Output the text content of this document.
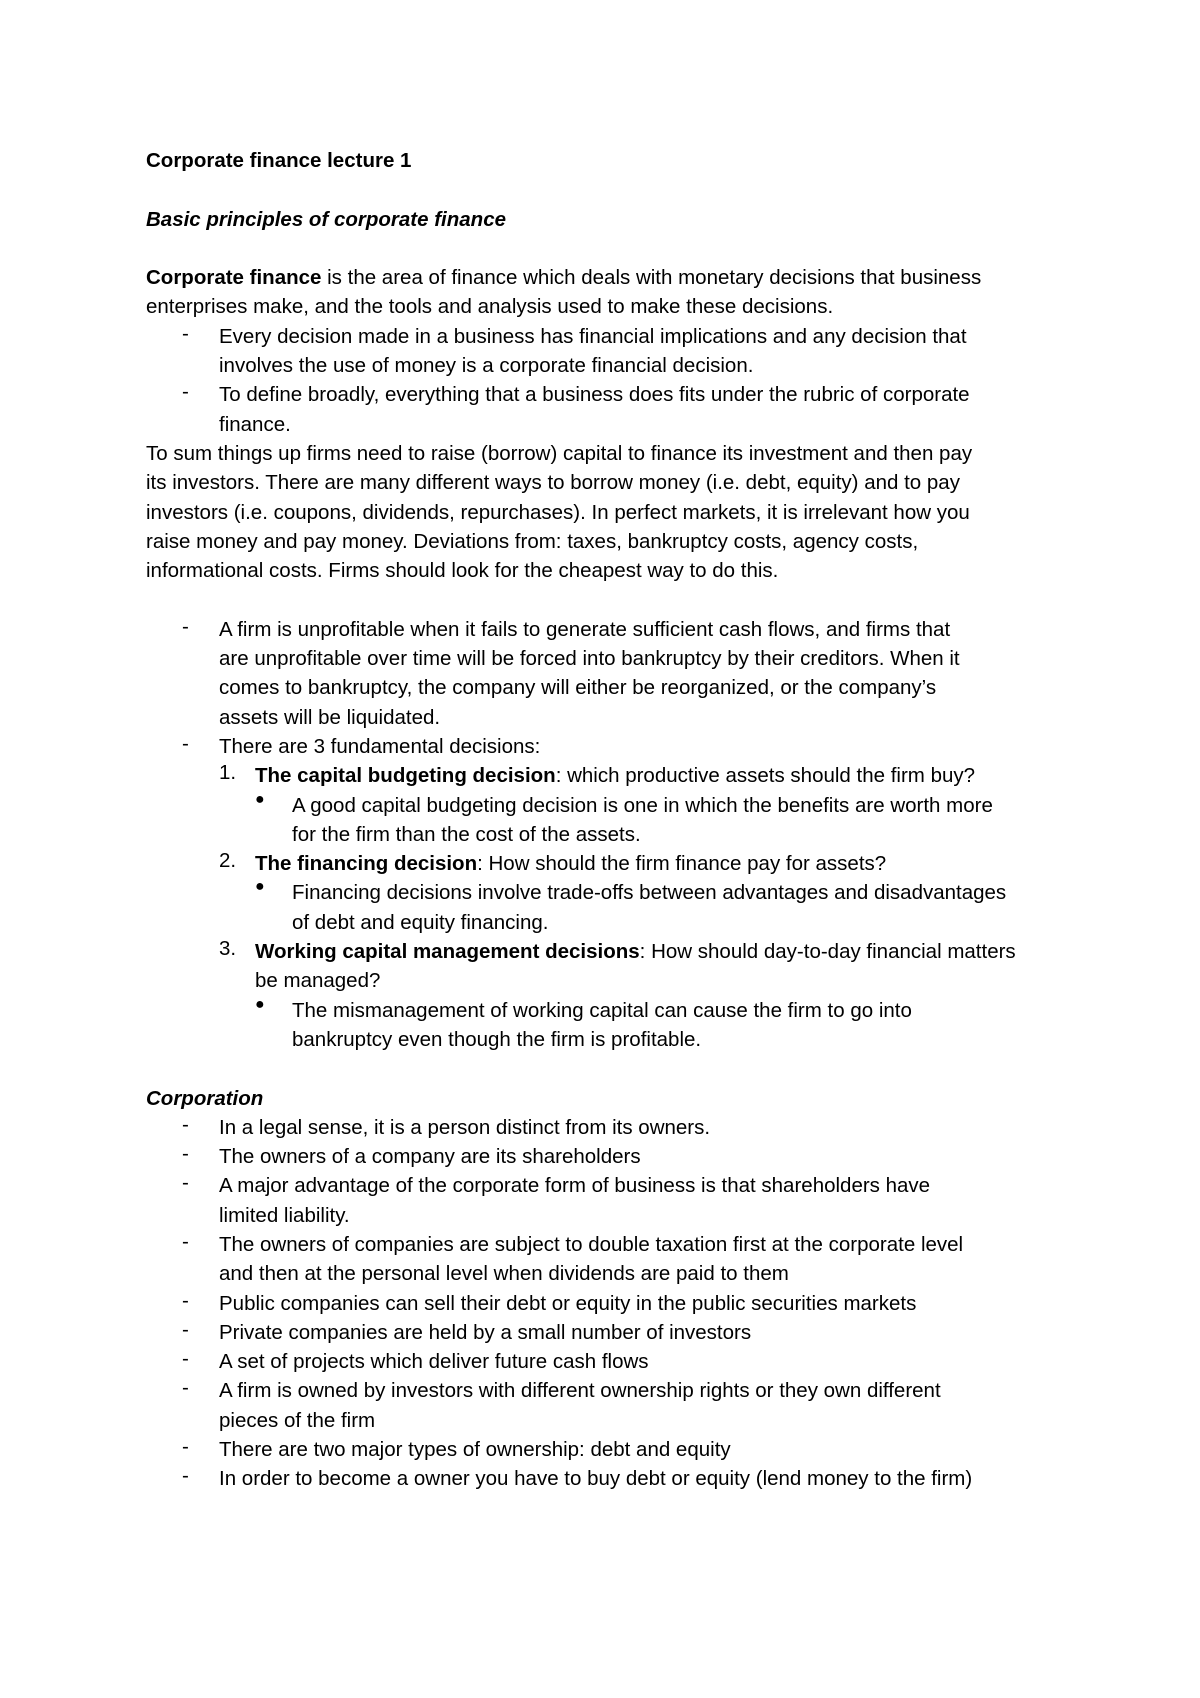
Corporate finance lecture 1
Basic principles of corporate finance
Corporate finance is the area of finance which deals with monetary decisions that business
enterprises make, and the tools and analysis used to make these decisions.
-	Every decision made in a business has financial implications and any decision that
involves the use of money is a corporate financial decision.
-	To define broadly, everything that a business does fits under the rubric of corporate
finance.
To sum things up firms need to raise (borrow) capital to finance its investment and then pay
its investors. There are many different ways to borrow money (i.e. debt, equity) and to pay
investors (i.e. coupons, dividends, repurchases). In perfect markets, it is irrelevant how you
raise money and pay money. Deviations from: taxes, bankruptcy costs, agency costs,
informational costs. Firms should look for the cheapest way to do this.
-	A firm is unprofitable when it fails to generate sufficient cash flows, and firms that
are unprofitable over time will be forced into bankruptcy by their creditors. When it
comes to bankruptcy, the company will either be reorganized, or the company’s
assets will be liquidated.
-	There are 3 fundamental decisions:
1. The capital budgeting decision: which productive assets should the firm buy?
●	A good capital budgeting decision is one in which the benefits are worth more
for the firm than the cost of the assets.
2. The financing decision: How should the firm finance pay for assets?
●	Financing decisions involve trade-offs between advantages and disadvantages
of debt and equity financing.
3. Working capital management decisions: How should day-to-day financial matters
be managed?
●	The mismanagement of working capital can cause the firm to go into
bankruptcy even though the firm is profitable.
Corporation
-	In a legal sense, it is a person distinct from its owners.
-	The owners of a company are its shareholders
-	A major advantage of the corporate form of business is that shareholders have
limited liability.
-	The owners of companies are subject to double taxation first at the corporate level
and then at the personal level when dividends are paid to them
-	Public companies can sell their debt or equity in the public securities markets
-	Private companies are held by a small number of investors
-	A set of projects which deliver future cash flows
-	A firm is owned by investors with different ownership rights or they own different
pieces of the firm
-	There are two major types of ownership: debt and equity
-	In order to become a owner you have to buy debt or equity (lend money to the firm)
